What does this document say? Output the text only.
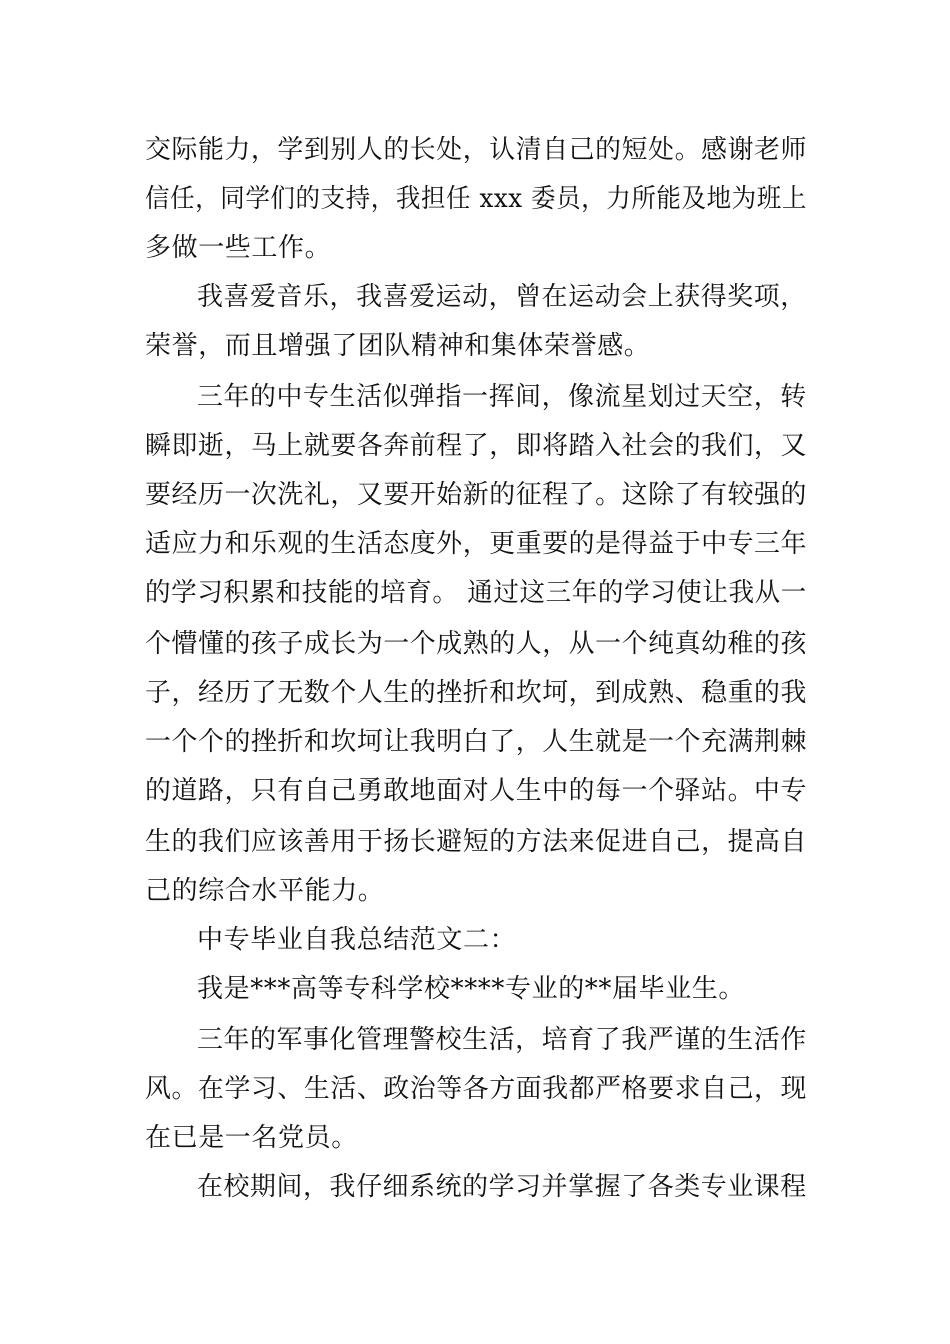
交际能力，学到别人的长处，认清自己的短处。感谢老师
信任，同学们的支持，我担任 xxx 委员，力所能及地为班上
多做一些工作。
我喜爱音乐，我喜爱运动，曾在运动会上获得奖项，
荣誉，而且增强了团队精神和集体荣誉感。
三年的中专生活似弹指一挥间，像流星划过天空，转
瞬即逝，马上就要各奔前程了，即将踏入社会的我们，又
要经历一次洗礼，又要开始新的征程了。这除了有较强的
适应力和乐观的生活态度外，更重要的是得益于中专三年
的学习积累和技能的培育。 通过这三年的学习使让我从一
个懵懂的孩子成长为一个成熟的人，从一个纯真幼稚的孩
子，经历了无数个人生的挫折和坎坷，到成熟、稳重的我
一个个的挫折和坎坷让我明白了，人生就是一个充满荆棘
的道路，只有自己勇敢地面对人生中的每一个驿站。中专
生的我们应该善用于扬长避短的方法来促进自己，提高自
己的综合水平能力。
中专毕业自我总结范文二：
我是***高等专科学校****专业的**届毕业生。
三年的军事化管理警校生活，培育了我严谨的生活作
风。在学习、生活、政治等各方面我都严格要求自己，现
在已是一名党员。
在校期间，我仔细系统的学习并掌握了各类专业课程
